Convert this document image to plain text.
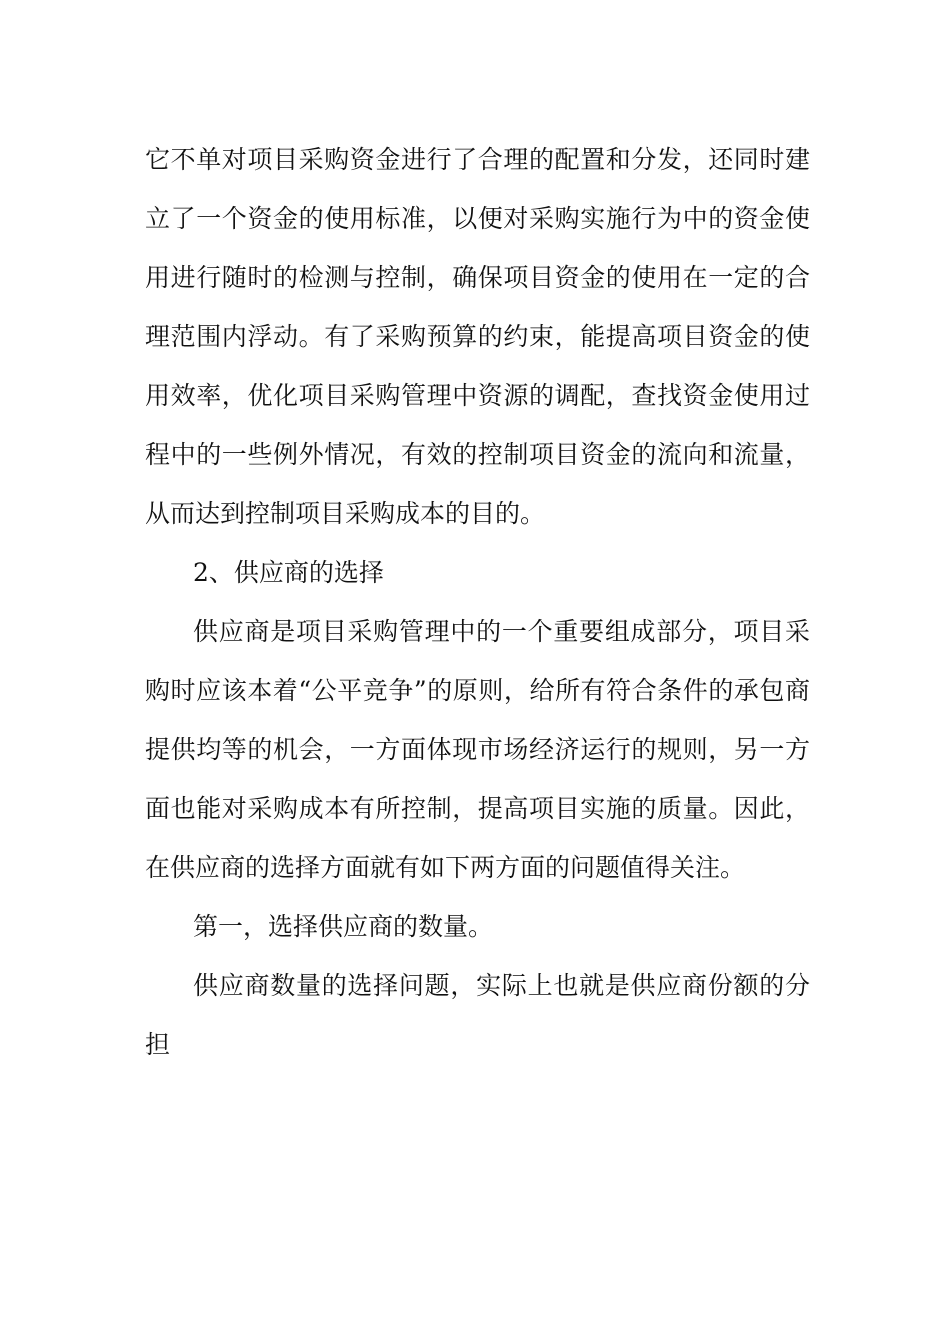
它不单对项目采购资金进行了合理的配置和分发，还同时建立了一个资金的使用标准，以便对采购实施行为中的资金使用进行随时的检测与控制，确保项目资金的使用在一定的合理范围内浮动。有了采购预算的约束，能提高项目资金的使用效率，优化项目采购管理中资源的调配，查找资金使用过程中的一些例外情况，有效的控制项目资金的流向和流量，从而达到控制项目采购成本的目的。

2、供应商的选择

供应商是项目采购管理中的一个重要组成部分，项目采购时应该本着“公平竞争”的原则，给所有符合条件的承包商提供均等的机会，一方面体现市场经济运行的规则，另一方面也能对采购成本有所控制，提高项目实施的质量。因此，在供应商的选择方面就有如下两方面的问题值得关注。

第一，选择供应商的数量。

供应商数量的选择问题，实际上也就是供应商份额的分担
